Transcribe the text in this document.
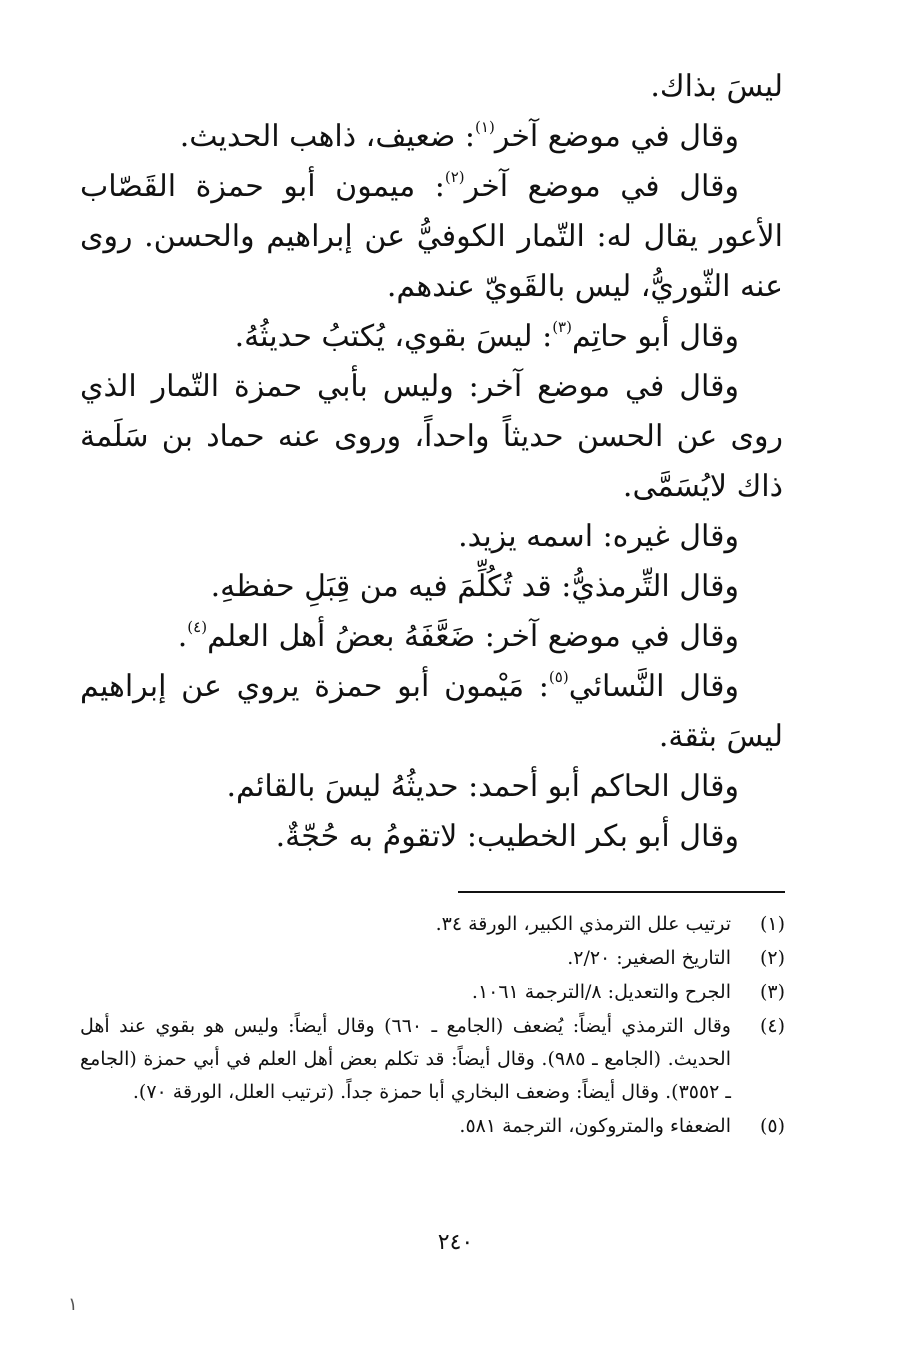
ليسَ بذاك.

وقال في موضع آخر$^{(١)}$: ضعيف، ذاهب الحديث.

وقال في موضع آخر$^{(٢)}$: ميمون أبو حمزة القَصّاب الأعور يقال له: التّمار الكوفيُّ عن إبراهيم والحسن. روى عنه الثّوريُّ، ليس بالقَويّ عندهم.

وقال أبو حاتِم$^{(٣)}$: ليسَ بقوي، يُكتبُ حديثُهُ.

وقال في موضع آخر: وليس بأبي حمزة التّمار الذي روى عن الحسن حديثاً واحداً، وروى عنه حماد بن سَلَمة ذاك لايُسَمَّى.

وقال غيره: اسمه يزيد.

وقال التِّرمذيُّ: قد تُكُلِّمَ فيه من قِبَلِ حفظهِ.

وقال في موضع آخر: ضَعَّفَهُ بعضُ أهل العلم$^{(٤)}$.

وقال النَّسائي$^{(٥)}$: مَيْمون أبو حمزة يروي عن إبراهيم ليسَ بثقة.

وقال الحاكم أبو أحمد: حديثُهُ ليسَ بالقائم.

وقال أبو بكر الخطيب: لاتقومُ به حُجّةٌ.

(١)
ترتيب علل الترمذي الكبير، الورقة ٣٤.
(٢)
التاريخ الصغير: ٢/٢٠.
(٣)
الجرح والتعديل: ٨/الترجمة ١٠٦١.
(٤)
وقال الترمذي أيضاً: يُضعف (الجامع ـ ٦٦٠) وقال أيضاً: وليس هو بقوي عند أهل الحديث. (الجامع ـ ٩٨٥). وقال أيضاً: قد تكلم بعض أهل العلم في أبي حمزة (الجامع ـ ٣٥٥٢). وقال أيضاً: وضعف البخاري أبا حمزة جداً. (ترتيب العلل، الورقة ٧٠).
(٥)
الضعفاء والمتروكون، الترجمة ٥٨١.
٢٤٠
١
